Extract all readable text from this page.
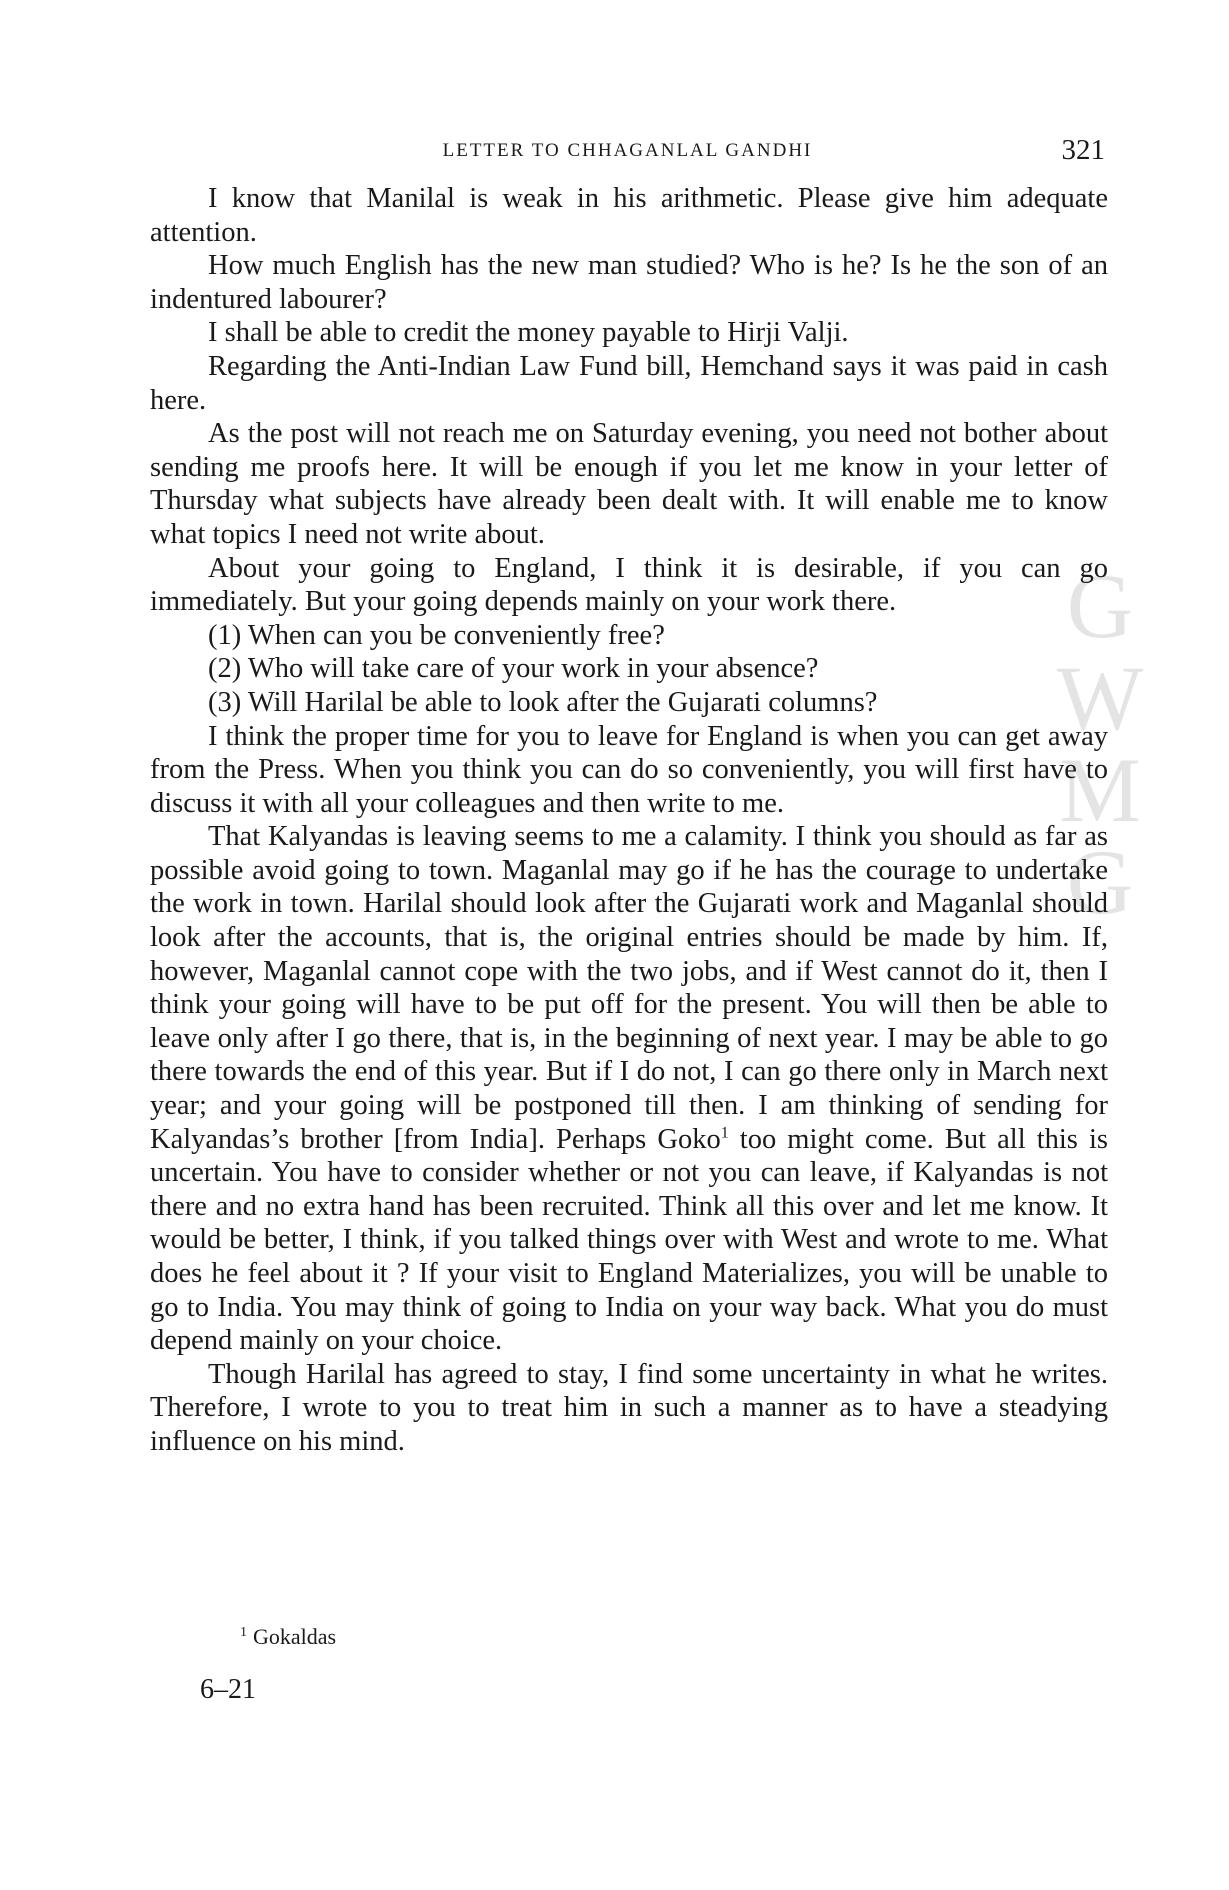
GWMG
LETTER TO CHHAGANLAL GANDHI	321

I know that Manilal is weak in his arithmetic. Please give him adequate attention.

How much English has the new man studied? Who is he? Is he the son of an indentured labourer?

I shall be able to credit the money payable to Hirji Valji.

Regarding the Anti-Indian Law Fund bill, Hemchand says it was paid in cash here.

As the post will not reach me on Saturday evening, you need not bother about sending me proofs here. It will be enough if you let me know in your letter of Thursday what subjects have already been dealt with. It will enable me to know what topics I need not write about.

About your going to England, I think it is desirable, if you can go immediately. But your going depends mainly on your work there.

(1) When can you be conveniently free?

(2) Who will take care of your work in your absence?

(3) Will Harilal be able to look after the Gujarati columns?

I think the proper time for you to leave for England is when you can get away from the Press. When you think you can do so conveniently, you will first have to discuss it with all your colleagues and then write to me.

That Kalyandas is leaving seems to me a calamity. I think you should as far as possible avoid going to town. Maganlal may go if he has the courage to undertake the work in town. Harilal should look after the Gujarati work and Maganlal should look after the accounts, that is, the original entries should be made by him. If, however, Maganlal cannot cope with the two jobs, and if West cannot do it, then I think your going will have to be put off for the present. You will then be able to leave only after I go there, that is, in the beginning of next year. I may be able to go there towards the end of this year. But if I do not, I can go there only in March next year; and your going will be postponed till then. I am thinking of sending for Kalyandas’s brother [from India]. Perhaps Goko$^1$ too might come. But all this is uncertain. You have to consider whether or not you can leave, if Kalyandas is not there and no extra hand has been recruited. Think all this over and let me know. It would be better, I think, if you talked things over with West and wrote to me. What does he feel about it ? If your visit to England Materializes, you will be unable to go to India. You may think of going to India on your way back. What you do must depend mainly on your choice.

Though Harilal has agreed to stay, I find some uncertainty in what he writes. Therefore, I wrote to you to treat him in such a manner as to have a steadying influence on his mind.

$^1$ Gokaldas
6–21
